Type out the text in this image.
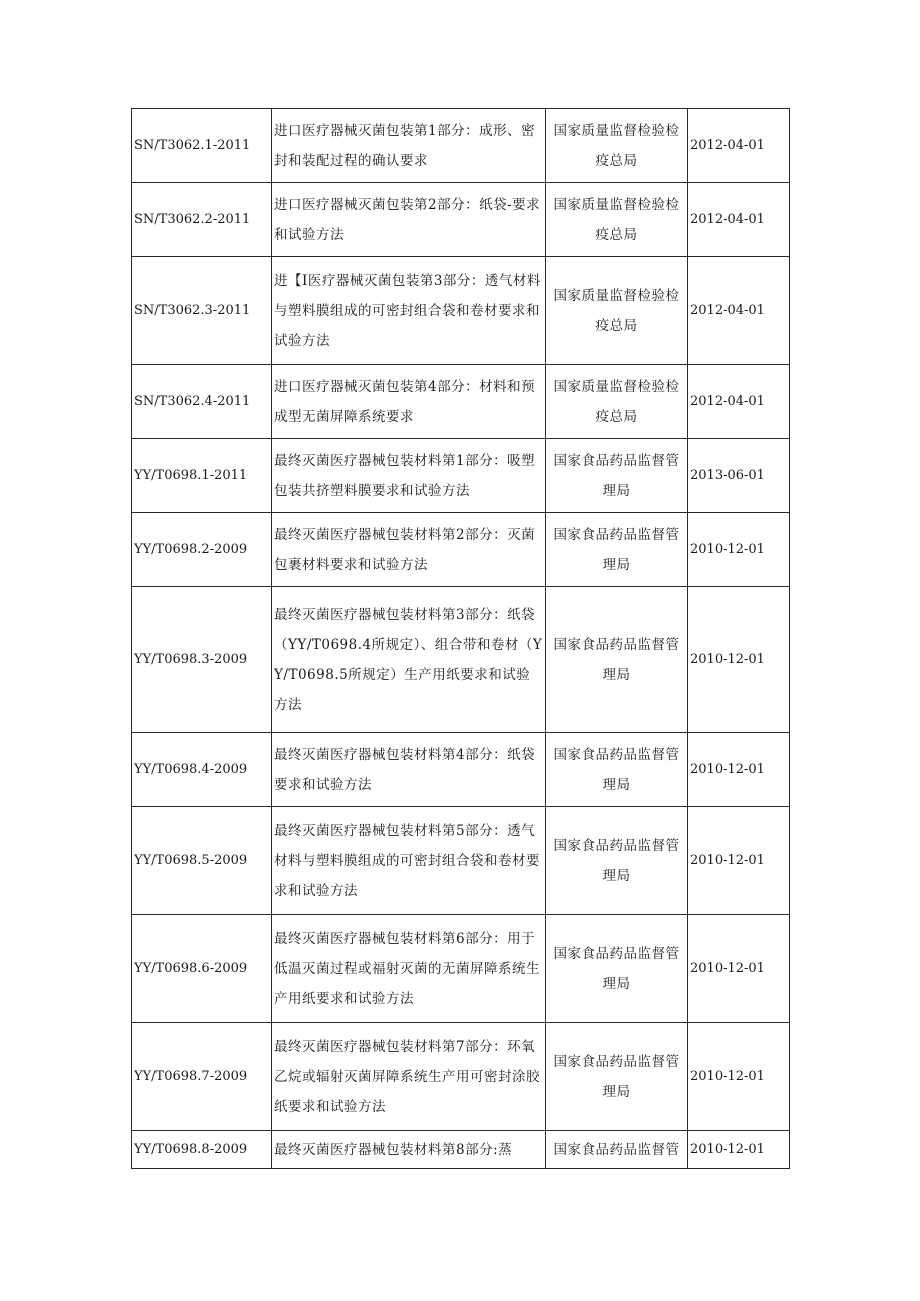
SN/T3062.1-2011	进口医疗器械灭菌包装第1部分：成形、密封和装配过程的确认要求	国家质量监督检验检疫总局	2012-04-01
SN/T3062.2-2011	进口医疗器械灭菌包装第2部分：纸袋-要求和试验方法	国家质量监督检验检疫总局	2012-04-01
SN/T3062.3-2011	进【I医疗器械灭菌包装第3部分：透气材料与塑料膜组成的可密封组合袋和卷材要求和试验方法	国家质量监督检验检疫总局	2012-04-01
SN/T3062.4-2011	进口医疗器械灭菌包装第4部分：材料和预成型无菌屏障系统要求	国家质量监督检验检疫总局	2012-04-01
YY/T0698.1-2011	最终灭菌医疗器械包装材料第1部分：吸塑包装共挤塑料膜要求和试验方法	国家食品药品监督管理局	2013-06-01
YY/T0698.2-2009	最终灭菌医疗器械包装材料第2部分：灭菌包裹材料要求和试验方法	国家食品药品监督管理局	2010-12-01
YY/T0698.3-2009	最终灭菌医疗器械包装材料第3部分：纸袋（YY/T0698.4所规定）、组合带和卷材（YY/T0698.5所规定）生产用纸要求和试验方法	国家食品药品监督管理局	2010-12-01
YY/T0698.4-2009	最终灭菌医疗器械包装材料第4部分：纸袋要求和试验方法	国家食品药品监督管理局	2010-12-01
YY/T0698.5-2009	最终灭菌医疗器械包装材料第5部分：透气材料与塑料膜组成的可密封组合袋和卷材要求和试验方法	国家食品药品监督管理局	2010-12-01
YY/T0698.6-2009	最终灭菌医疗器械包装材料第6部分：用于低温灭菌过程或福射灭菌的无菌屏障系统生产用纸要求和试验方法	国家食品药品监督管理局	2010-12-01
YY/T0698.7-2009	最终灭菌医疗器械包装材料第7部分：环氧乙烷或辐射灭菌屏障系统生产用可密封涂胶纸要求和试验方法	国家食品药品监督管理局	2010-12-01
YY/T0698.8-2009	最终灭菌医疗器械包装材料第8部分:蒸	国家食品药品监督管	2010-12-01
